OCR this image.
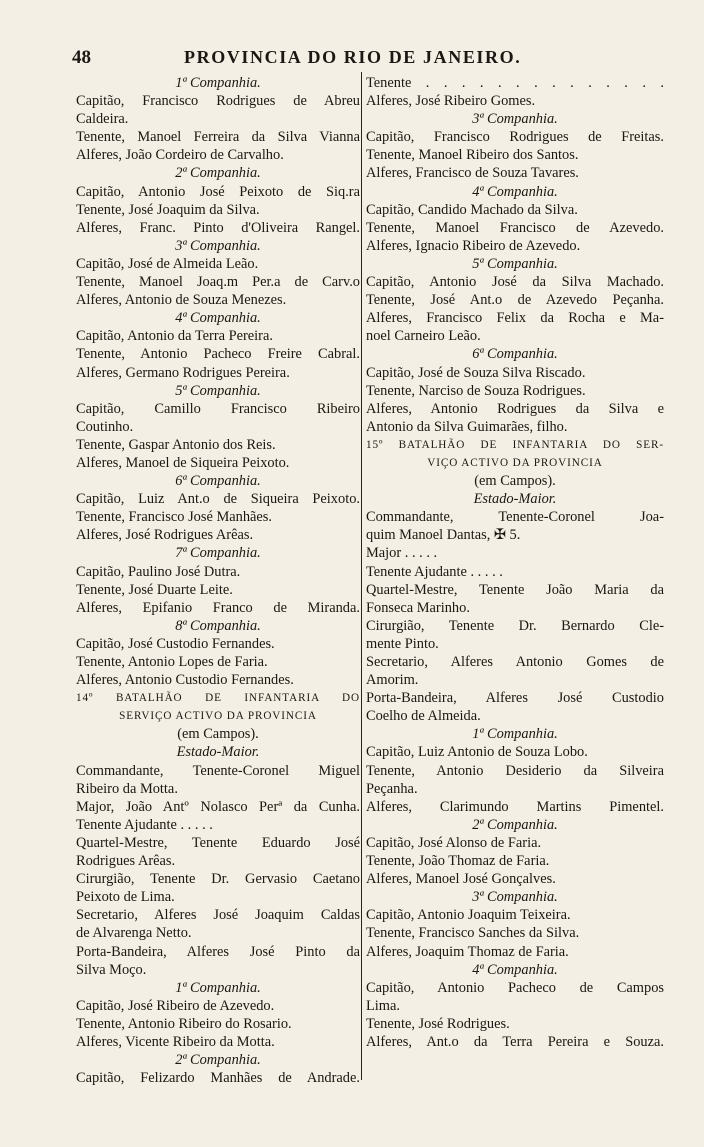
48	PROVINCIA DO RIO DE JANEIRO.
1ª Companhia.
Capitão, Francisco Rodrigues de Abreu
Caldeira.
Tenente, Manoel Ferreira da Silva Vianna
Alferes, João Cordeiro de Carvalho.
2ª Companhia.
Capitão, Antonio José Peixoto de Siq.ra
Tenente, José Joaquim da Silva.
Alferes, Franc. Pinto d'Oliveira Rangel.
3ª Companhia.
Capitão, José de Almeida Leão.
Tenente, Manoel Joaq.m Per.a de Carv.o
Alferes, Antonio de Souza Menezes.
4ª Companhia.
Capitão, Antonio da Terra Pereira.
Tenente, Antonio Pacheco Freire Cabral.
Alferes, Germano Rodrigues Pereira.
5ª Companhia.
Capitão, Camillo Francisco Ribeiro
Coutinho.
Tenente, Gaspar Antonio dos Reis.
Alferes, Manoel de Siqueira Peixoto.
6ª Companhia.
Capitão, Luiz Ant.o de Siqueira Peixoto.
Tenente, Francisco José Manhães.
Alferes, José Rodrigues Arêas.
7ª Companhia.
Capitão, Paulino José Dutra.
Tenente, José Duarte Leite.
Alferes, Epifanio Franco de Miranda.
8ª Companhia.
Capitão, José Custodio Fernandes.
Tenente, Antonio Lopes de Faria.
Alferes, Antonio Custodio Fernandes.
14º BATALHÃO DE INFANTARIA DO
SERVIÇO ACTIVO DA PROVINCIA
(em Campos).
Estado-Maior.
Commandante, Tenente-Coronel Miguel
Ribeiro da Motta.
Major, João Antº Nolasco Perª da Cunha.
Tenente Ajudante . . . . .
Quartel-Mestre, Tenente Eduardo José
Rodrigues Arêas.
Cirurgião, Tenente Dr. Gervasio Caetano
Peixoto de Lima.
Secretario, Alferes José Joaquim Caldas
de Alvarenga Netto.
Porta-Bandeira, Alferes José Pinto da
Silva Moço.
1ª Companhia.
Capitão, José Ribeiro de Azevedo.
Tenente, Antonio Ribeiro do Rosario.
Alferes, Vicente Ribeiro da Motta.
2ª Companhia.
Capitão, Felizardo Manhães de Andrade.
Tenente . . . . . . . . . . . . . .
Alferes, José Ribeiro Gomes.
3ª Companhia.
Capitão, Francisco Rodrigues de Freitas.
Tenente, Manoel Ribeiro dos Santos.
Alferes, Francisco de Souza Tavares.
4ª Companhia.
Capitão, Candido Machado da Silva.
Tenente, Manoel Francisco de Azevedo.
Alferes, Ignacio Ribeiro de Azevedo.
5ª Companhia.
Capitão, Antonio José da Silva Machado.
Tenente, José Ant.o de Azevedo Peçanha.
Alferes, Francisco Felix da Rocha e Ma-
noel Carneiro Leão.
6ª Companhia.
Capitão, José de Souza Silva Riscado.
Tenente, Narciso de Souza Rodrigues.
Alferes, Antonio Rodrigues da Silva e
Antonio da Silva Guimarães, filho.
15º BATALHÃO DE INFANTARIA DO SER-
VIÇO ACTIVO DA PROVINCIA
(em Campos).
Estado-Maior.
Commandante, Tenente-Coronel Joa-
quim Manoel Dantas, ✠ 5.
Major . . . . .
Tenente Ajudante . . . . .
Quartel-Mestre, Tenente João Maria da
Fonseca Marinho.
Cirurgião, Tenente Dr. Bernardo Cle-
mente Pinto.
Secretario, Alferes Antonio Gomes de
Amorim.
Porta-Bandeira, Alferes José Custodio
Coelho de Almeida.
1ª Companhia.
Capitão, Luiz Antonio de Souza Lobo.
Tenente, Antonio Desiderio da Silveira
Peçanha.
Alferes, Clarimundo Martins Pimentel.
2ª Companhia.
Capitão, José Alonso de Faria.
Tenente, João Thomaz de Faria.
Alferes, Manoel José Gonçalves.
3ª Companhia.
Capitão, Antonio Joaquim Teixeira.
Tenente, Francisco Sanches da Silva.
Alferes, Joaquim Thomaz de Faria.
4ª Companhia.
Capitão, Antonio Pacheco de Campos
Lima.
Tenente, José Rodrigues.
Alferes, Ant.o da Terra Pereira e Souza.
